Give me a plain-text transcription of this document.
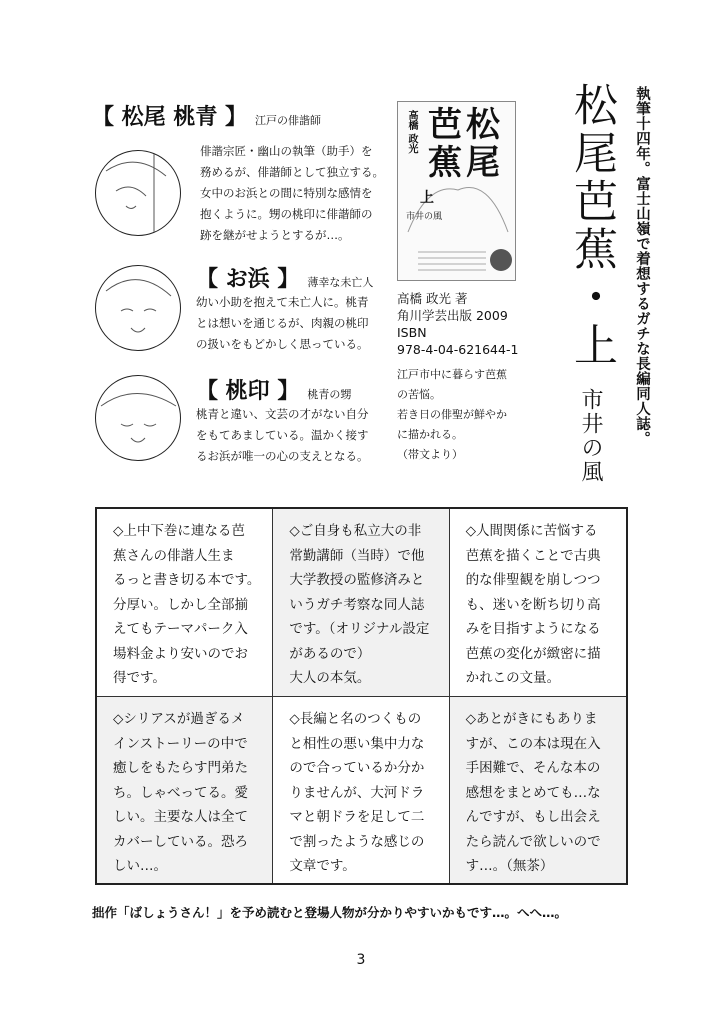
【 松尾 桃青 】 江戸の俳諧師
俳諧宗匠・幽山の執筆（助手）を
務めるが、俳諧師として独立する。
女中のお浜との間に特別な感情を
抱くように。甥の桃印に俳諧師の
跡を継がせようとするが…。
【 お浜 】 薄幸な未亡人
幼い小助を抱えて未亡人に。桃青
とは想いを通じるが、肉親の桃印
の扱いをもどかしく思っている。
【 桃印 】 桃青の甥
桃青と違い、文芸の才がない自分
をもてあましている。温かく接す
るお浜が唯一の心の支えとなる。
高橋 政光 芭 松
蕉 尾
上
市井の風
高橋 政光 著
角川学芸出版 2009
ISBN
978-4-04-621644-1
江戸市中に暮らす芭蕉
の苦悩。
若き日の俳聖が鮮やか
に描かれる。
（帯文より）
松尾芭蕉・上
市井の風 執筆十四年。富士山嶺で着想するガチな長編同人誌。
◇上中下巻に連なる芭
蕉さんの俳諧人生ま
るっと書き切る本です。
分厚い。しかし全部揃
えてもテーマパーク入
場料金より安いのでお
得です。
◇ご自身も私立大の非
常勤講師（当時）で他
大学教授の監修済みと
いうガチ考察な同人誌
です。（オリジナル設定
があるので）
大人の本気。
◇人間関係に苦悩する
芭蕉を描くことで古典
的な俳聖観を崩しつつ
も、迷いを断ち切り高
みを目指すようになる
芭蕉の変化が緻密に描
かれこの文量。
◇シリアスが過ぎるメ
インストーリーの中で
癒しをもたらす門弟た
ち。しゃべってる。愛
しい。主要な人は全て
カバーしている。恐ろ
しい…。
◇長編と名のつくもの
と相性の悪い集中力な
ので合っているか分か
りませんが、大河ドラ
マと朝ドラを足して二
で割ったような感じの
文章です。
◇あとがきにもありま
すが、この本は現在入
手困難で、そんな本の
感想をまとめても…な
んですが、もし出会え
たら読んで欲しいので
す…。（無茶）
拙作「ばしょうさん！」を予め読むと登場人物が分かりやすいかもです…。へへ…。
3
